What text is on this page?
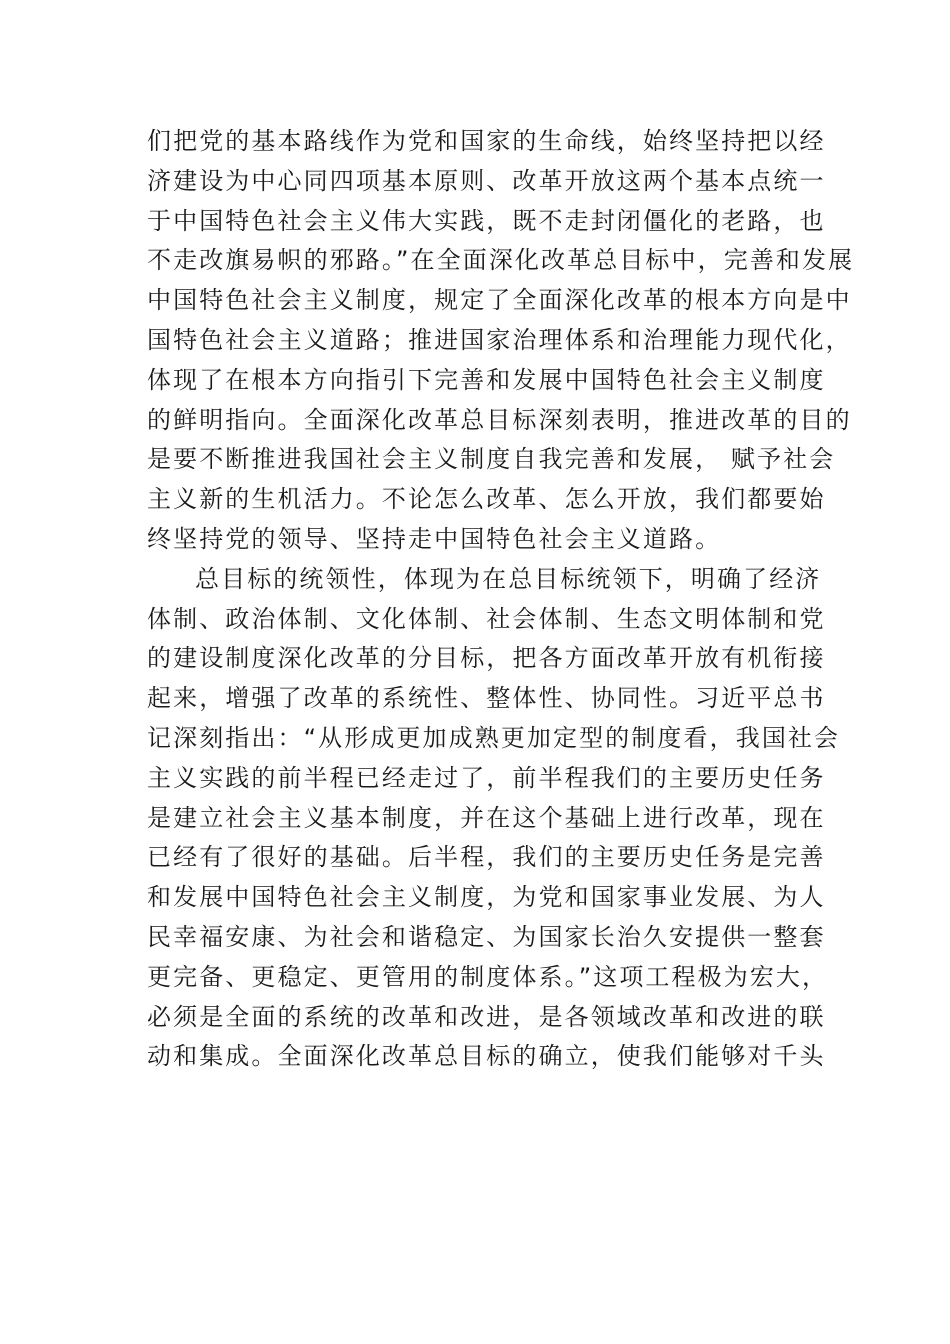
们把党的基本路线作为党和国家的生命线，始终坚持把以经
济建设为中心同四项基本原则、改革开放这两个基本点统一
于中国特色社会主义伟大实践，既不走封闭僵化的老路，也
不走改旗易帜的邪路。”在全面深化改革总目标中，完善和发展
中国特色社会主义制度，规定了全面深化改革的根本方向是中
国特色社会主义道路；推进国家治理体系和治理能力现代化，
体现了在根本方向指引下完善和发展中国特色社会主义制度
的鲜明指向。全面深化改革总目标深刻表明，推进改革的目的
是要不断推进我国社会主义制度自我完善和发展， 赋予社会
主义新的生机活力。不论怎么改革、怎么开放，我们都要始
终坚持党的领导、坚持走中国特色社会主义道路。
总目标的统领性，体现为在总目标统领下，明确了经济
体制、政治体制、文化体制、社会体制、生态文明体制和党
的建设制度深化改革的分目标，把各方面改革开放有机衔接
起来，增强了改革的系统性、整体性、协同性。习近平总书
记深刻指出：“从形成更加成熟更加定型的制度看，我国社会
主义实践的前半程已经走过了，前半程我们的主要历史任务
是建立社会主义基本制度，并在这个基础上进行改革，现在
已经有了很好的基础。后半程，我们的主要历史任务是完善
和发展中国特色社会主义制度，为党和国家事业发展、为人
民幸福安康、为社会和谐稳定、为国家长治久安提供一整套
更完备、更稳定、更管用的制度体系。”这项工程极为宏大，
必须是全面的系统的改革和改进，是各领域改革和改进的联
动和集成。全面深化改革总目标的确立，使我们能够对千头
